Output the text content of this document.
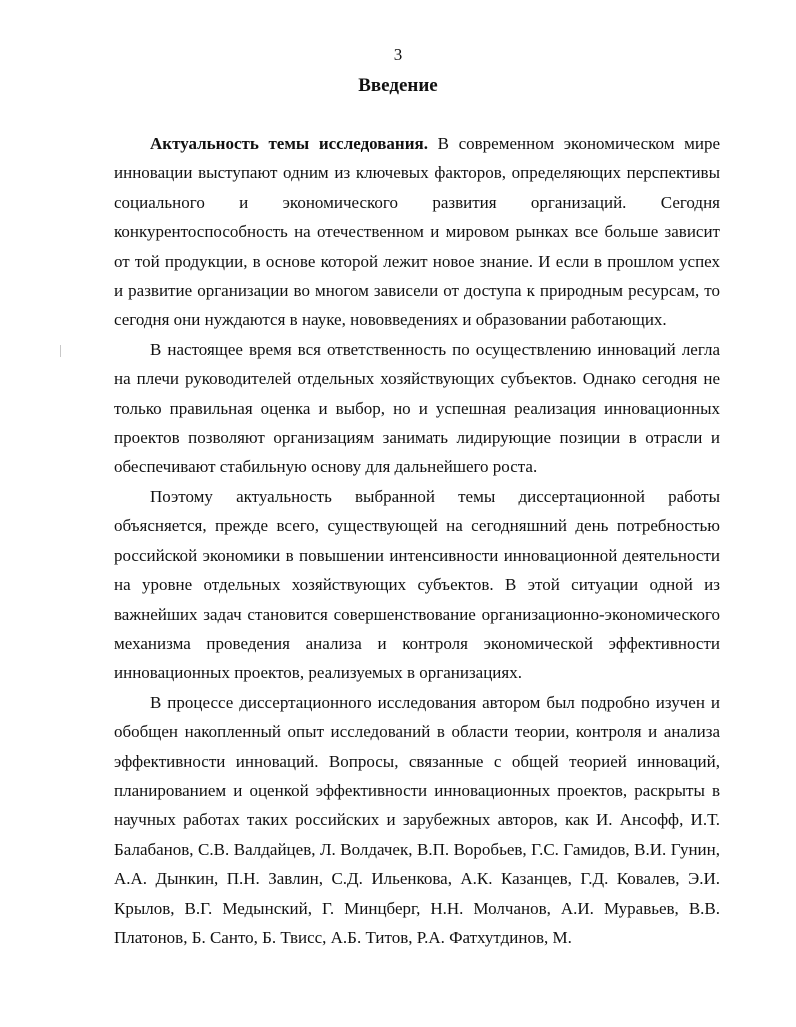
3
Введение

Актуальность темы исследования. В современном экономическом мире инновации выступают одним из ключевых факторов, определяющих перспективы социального и экономического развития организаций. Сегодня конкурентоспособность на отечественном и мировом рынках все больше зависит от той продукции, в основе которой лежит новое знание. И если в прошлом успех и развитие организации во многом зависели от доступа к природным ресурсам, то сегодня они нуждаются в науке, нововведениях и образовании работающих.

В настоящее время вся ответственность по осуществлению инноваций легла на плечи руководителей отдельных хозяйствующих субъектов. Однако сегодня не только правильная оценка и выбор, но и успешная реализация инновационных проектов позволяют организациям занимать лидирующие позиции в отрасли и обеспечивают стабильную основу для дальнейшего роста.

Поэтому актуальность выбранной темы диссертационной работы объясняется, прежде всего, существующей на сегодняшний день потребностью российской экономики в повышении интенсивности инновационной деятельности на уровне отдельных хозяйствующих субъектов. В этой ситуации одной из важнейших задач становится совершенствование организационно-экономического механизма проведения анализа и контроля экономической эффективности инновационных проектов, реализуемых в организациях.

В процессе диссертационного исследования автором был подробно изучен и обобщен накопленный опыт исследований в области теории, контроля и анализа эффективности инноваций. Вопросы, связанные с общей теорией инноваций, планированием и оценкой эффективности инновационных проектов, раскрыты в научных работах таких российских и зарубежных авторов, как И. Ансофф, И.Т. Балабанов, С.В. Валдайцев, Л. Волдачек, В.П. Воробьев, Г.С. Гамидов, В.И. Гунин, А.А. Дынкин, П.Н. Завлин, С.Д. Ильенкова, А.К. Казанцев, Г.Д. Ковалев, Э.И. Крылов, В.Г. Медынский, Г. Минцберг, Н.Н. Молчанов, А.И. Муравьев, В.В. Платонов, Б. Санто, Б. Твисс, А.Б. Титов, Р.А. Фатхутдинов, М.
